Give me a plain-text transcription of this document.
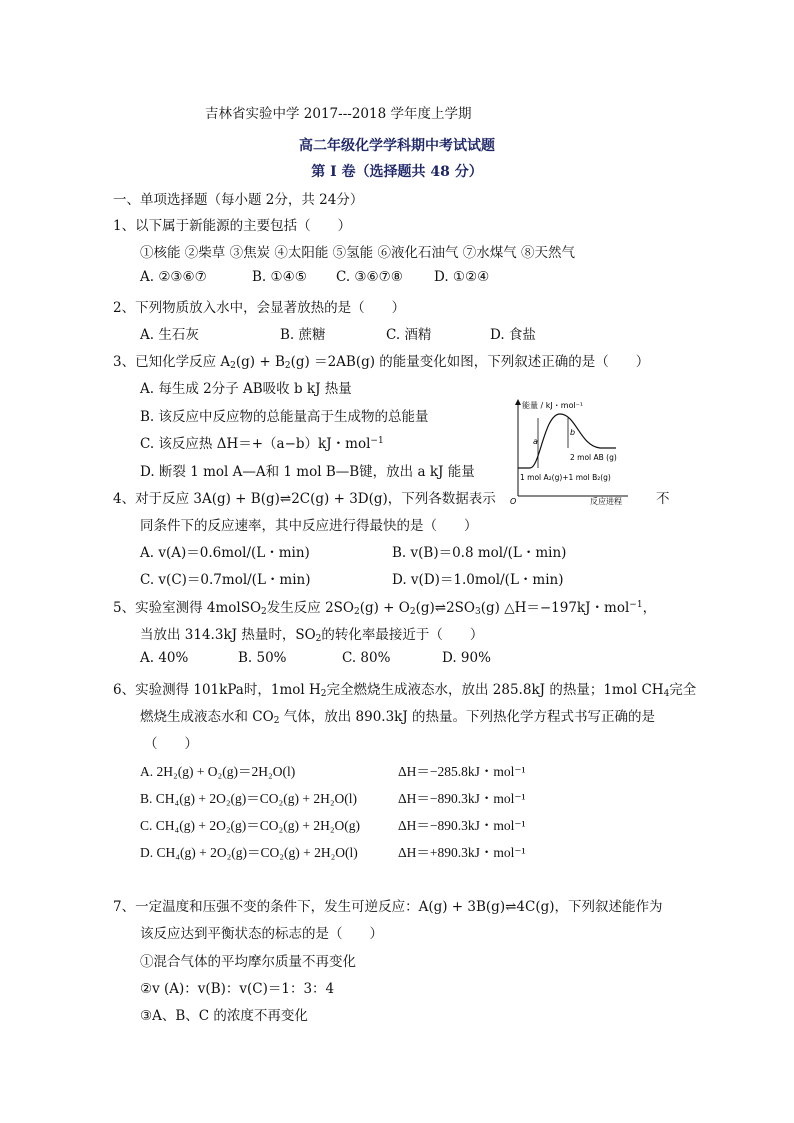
吉林省实验中学 2017---2018 学年度上学期
高二年级化学学科期中考试试题
第 I 卷（选择题共 48 分）
一、单项选择题（每小题 2分，共 24分）
1、以下属于新能源的主要包括（　　）
①核能 ②柴草 ③焦炭 ④太阳能 ⑤氢能 ⑥液化石油气 ⑦水煤气 ⑧天然气
A. ②③⑥⑦	B. ①④⑤ C. ③⑥⑦⑧ D. ①②④
2、下列物质放入水中，会显著放热的是（　　）
A. 生石灰	B. 蔗糖	C. 酒精	D. 食盐
3、已知化学反应 $A_2(g) + B_2(g) =2AB(g)$ 的能量变化如图，下列叙述正确的是（　　）
A. 每生成 2分子 AB吸收 b kJ 热量
B. 该反应中反应物的总能量高于生成物的总能量
C. 该反应热 ΔH＝+（a−b）kJ・mol$^{-1}$
D. 断裂 1 mol A—A和 1 mol B—B键，放出 a kJ 能量
能量 / kJ・mol⁻¹
O	反应进程
a
b
2 mol AB (g)
1 mol A₂(g)+1 mol B₂(g)
4、对于反应 3A(g) + B(g)⇌2C(g) + 3D(g)，下列各数据表示	不
同条件下的反应速率，其中反应进行得最快的是（　　）
A. v(A)＝0.6mol/(L・min)	B. v(B)＝0.8 mol/(L・min)
C. v(C)＝0.7mol/(L・min)	D. v(D)＝1.0mol/(L・min)
5、实验室测得 4molSO$_2$发生反应 $2SO_2(g)$ + $O_2(g)\rightleftharpoons 2SO_3(g)$ △H＝−197kJ・mol$^{-1}$，
当放出 314.3kJ 热量时，$SO_2$的转化率最接近于（　　）
A. 40%	B. 50%	C. 80%	D. 90%
6、实验测得 101kPa时，1mol $H_2$完全燃烧生成液态水，放出 285.8kJ 的热量；1mol $CH_4$完全
燃烧生成液态水和 $CO_2$ 气体，放出 890.3kJ 的热量。下列热化学方程式书写正确的是
（　　）
A. 2H₂(g) + O₂(g)＝2H₂O(l)	ΔH＝−285.8kJ・mol⁻¹
B. CH₄(g) + 2O₂(g)＝CO₂(g) + 2H₂O(l)	ΔH＝−890.3kJ・mol⁻¹
C. CH₄(g) + 2O₂(g)＝CO₂(g) + 2H₂O(g)	ΔH＝−890.3kJ・mol⁻¹
D. CH₄(g) + 2O₂(g)＝CO₂(g) + 2H₂O(l)	ΔH＝+890.3kJ・mol⁻¹
7、一定温度和压强不变的条件下，发生可逆反应：A(g) + 3B(g)⇌4C(g)，下列叙述能作为
该反应达到平衡状态的标志的是（　　）
①混合气体的平均摩尔质量不再变化
②v (A)：v(B)：v(C)＝1：3：4
③A、B、C 的浓度不再变化
